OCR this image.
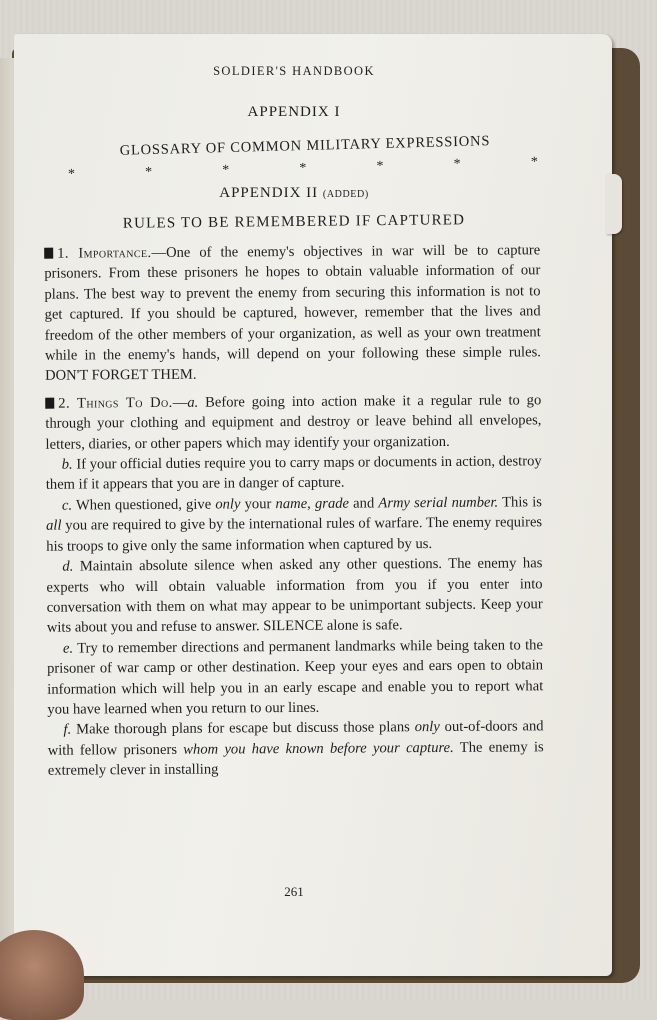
SOLDIER'S HANDBOOK
APPENDIX I
GLOSSARY OF COMMON MILITARY EXPRESSIONS
*	*	*	*	*	*	*
APPENDIX II (ADDED)
RULES TO BE REMEMBERED IF CAPTURED

1. Importance.—One of the enemy's objectives in war will be to capture prisoners. From these prisoners he hopes to obtain valuable information of our plans. The best way to prevent the enemy from securing this information is not to get captured. If you should be captured, however, remember that the lives and freedom of the other members of your organization, as well as your own treatment while in the enemy's hands, will depend on your following these simple rules. DON'T FORGET THEM.

2. Things To Do.—a. Before going into action make it a regular rule to go through your clothing and equipment and destroy or leave behind all envelopes, letters, diaries, or other papers which may identify your organization.

b. If your official duties require you to carry maps or documents in action, destroy them if it appears that you are in danger of capture.

c. When questioned, give only your name, grade and Army serial number. This is all you are required to give by the international rules of warfare. The enemy requires his troops to give only the same information when captured by us.

d. Maintain absolute silence when asked any other questions. The enemy has experts who will obtain valuable information from you if you enter into conversation with them on what may appear to be unimportant subjects. Keep your wits about you and refuse to answer. SILENCE alone is safe.

e. Try to remember directions and permanent landmarks while being taken to the prisoner of war camp or other destination. Keep your eyes and ears open to obtain information which will help you in an early escape and enable you to report what you have learned when you return to our lines.

f. Make thorough plans for escape but discuss those plans only out-of-doors and with fellow prisoners whom you have known before your capture. The enemy is extremely clever in installing

261
